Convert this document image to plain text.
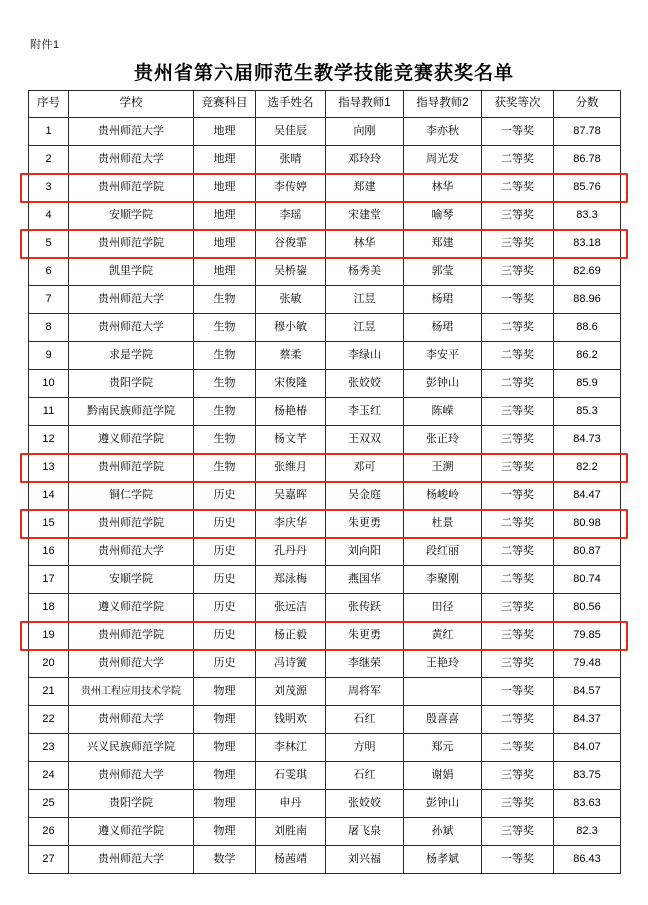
附件1
贵州省第六届师范生教学技能竞赛获奖名单
序号	学校	竞赛科目	选手姓名	指导教师1	指导教师2	获奖等次	分数
1	贵州师范大学	地理	吴佳辰	向刚	李亦秋	一等奖	87.78
2	贵州师范大学	地理	张晴	邓玲玲	周光发	二等奖	86.78
3	贵州师范学院	地理	李传婷	郑建	林华	二等奖	85.76
4	安顺学院	地理	李瑶	宋建堂	喻琴	三等奖	83.3
5	贵州师范学院	地理	谷俊霏	林华	郑建	三等奖	83.18
6	凯里学院	地理	吴桥鋆	杨秀美	郭莹	三等奖	82.69
7	贵州师范大学	生物	张敏	江昱	杨珺	一等奖	88.96
8	贵州师范大学	生物	穆小敏	江昱	杨珺	二等奖	88.6
9	求是学院	生物	蔡柔	李绿山	李安平	二等奖	86.2
10	贵阳学院	生物	宋俊隆	张姣姣	彭钟山	二等奖	85.9
11	黔南民族师范学院	生物	杨艳椿	李玉红	陈嵘	三等奖	85.3
12	遵义师范学院	生物	杨文芊	王双双	张正玲	三等奖	84.73
13	贵州师范学院	生物	张维月	邓可	王溯	三等奖	82.2
14	铜仁学院	历史	吴嘉晖	吴金庭	杨峻岭	一等奖	84.47
15	贵州师范学院	历史	李庆华	朱更勇	杜景	二等奖	80.98
16	贵州师范大学	历史	孔丹丹	刘向阳	段红丽	二等奖	80.87
17	安顺学院	历史	郑泳梅	燕国华	李聚刚	二等奖	80.74
18	遵义师范学院	历史	张远洁	张传跃	田径	三等奖	80.56
19	贵州师范学院	历史	杨正毅	朱更勇	黄红	三等奖	79.85
20	贵州师范大学	历史	冯诗黉	李继荣	王艳玲	三等奖	79.48
21	贵州工程应用技术学院	物理	刘茂源	周将军		一等奖	84.57
22	贵州师范大学	物理	钱明欢	石红	殷喜喜	二等奖	84.37
23	兴义民族师范学院	物理	李林江	方明	郑元	二等奖	84.07
24	贵州师范大学	物理	石雯琪	石红	谢娟	三等奖	83.75
25	贵阳学院	物理	申丹	张姣姣	彭钟山	三等奖	83.63
26	遵义师范学院	物理	刘胜南	屠飞泉	孙斌	三等奖	82.3
27	贵州师范大学	数学	杨茜靖	刘兴福	杨孝斌	一等奖	86.43
